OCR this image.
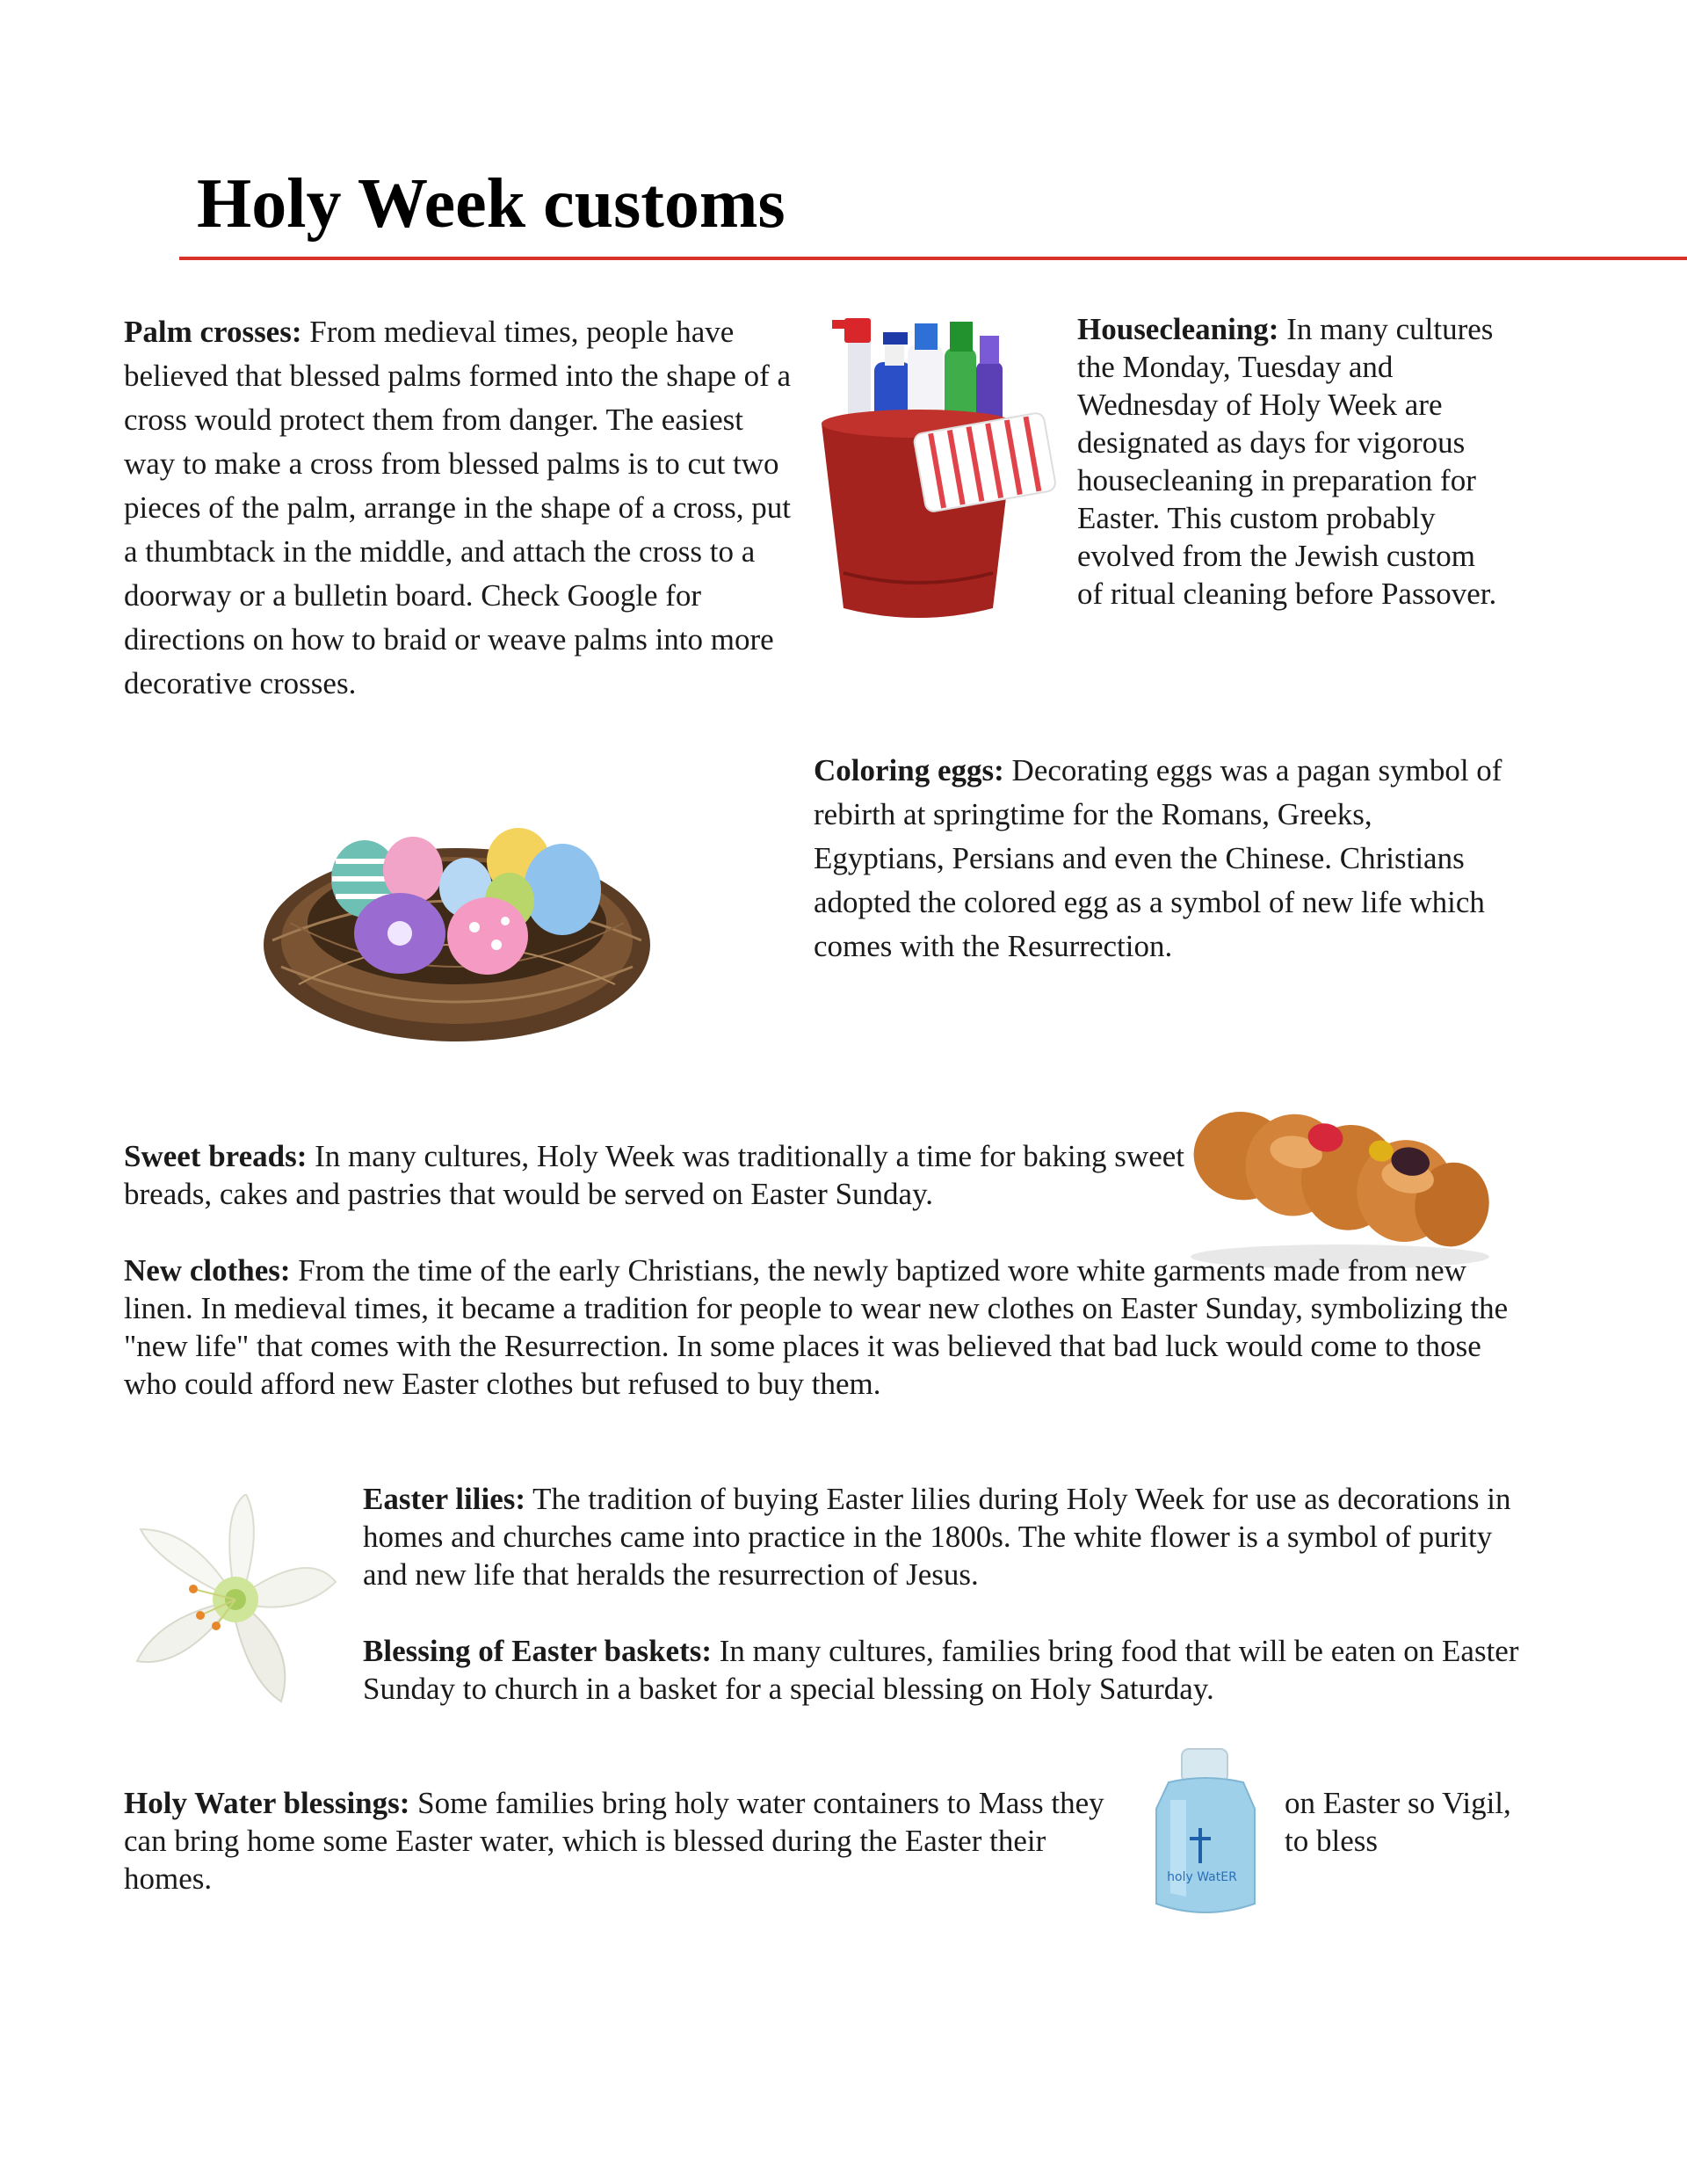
Holy Week customs

Palm crosses: From medieval times, people have believed that blessed palms formed into the shape of a cross would protect them from danger. The easiest way to make a cross from blessed palms is to cut two pieces of the palm, arrange in the shape of a cross, put a thumbtack in the middle, and attach the cross to a doorway or a bulletin board. Check Google for directions on how to braid or weave palms into more decorative crosses.

Housecleaning: In many cultures the Monday, Tuesday and Wednesday of Holy Week are designated as days for vigorous housecleaning in preparation for Easter. This custom probably evolved from the Jewish custom of ritual cleaning before Passover.

Coloring eggs: Decorating eggs was a pagan symbol of rebirth at springtime for the Romans, Greeks, Egyptians, Persians and even the Chinese. Christians adopted the colored egg as a symbol of new life which comes with the Resurrection.

Sweet breads: In many cultures, Holy Week was traditionally a time for baking sweet breads, cakes and pastries that would be served on Easter Sunday.

New clothes: From the time of the early Christians, the newly baptized wore white garments made from new linen. In medieval times, it became a tradition for people to wear new clothes on Easter Sunday, symbolizing the "new life" that comes with the Resurrection. In some places it was believed that bad luck would come to those who could afford new Easter clothes but refused to buy them.

Easter lilies: The tradition of buying Easter lilies during Holy Week for use as decorations in homes and churches came into practice in the 1800s. The white flower is a symbol of purity and new life that heralds the resurrection of Jesus.

Blessing of Easter baskets: In many cultures, families bring food that will be eaten on Easter Sunday to church in a basket for a special blessing on Holy Saturday.

Holy Water blessings: Some families bring holy water containers to Mass they can bring home some Easter water, which is blessed during the Easter their homes.	holy WatER

on Easter so Vigil, to bless
